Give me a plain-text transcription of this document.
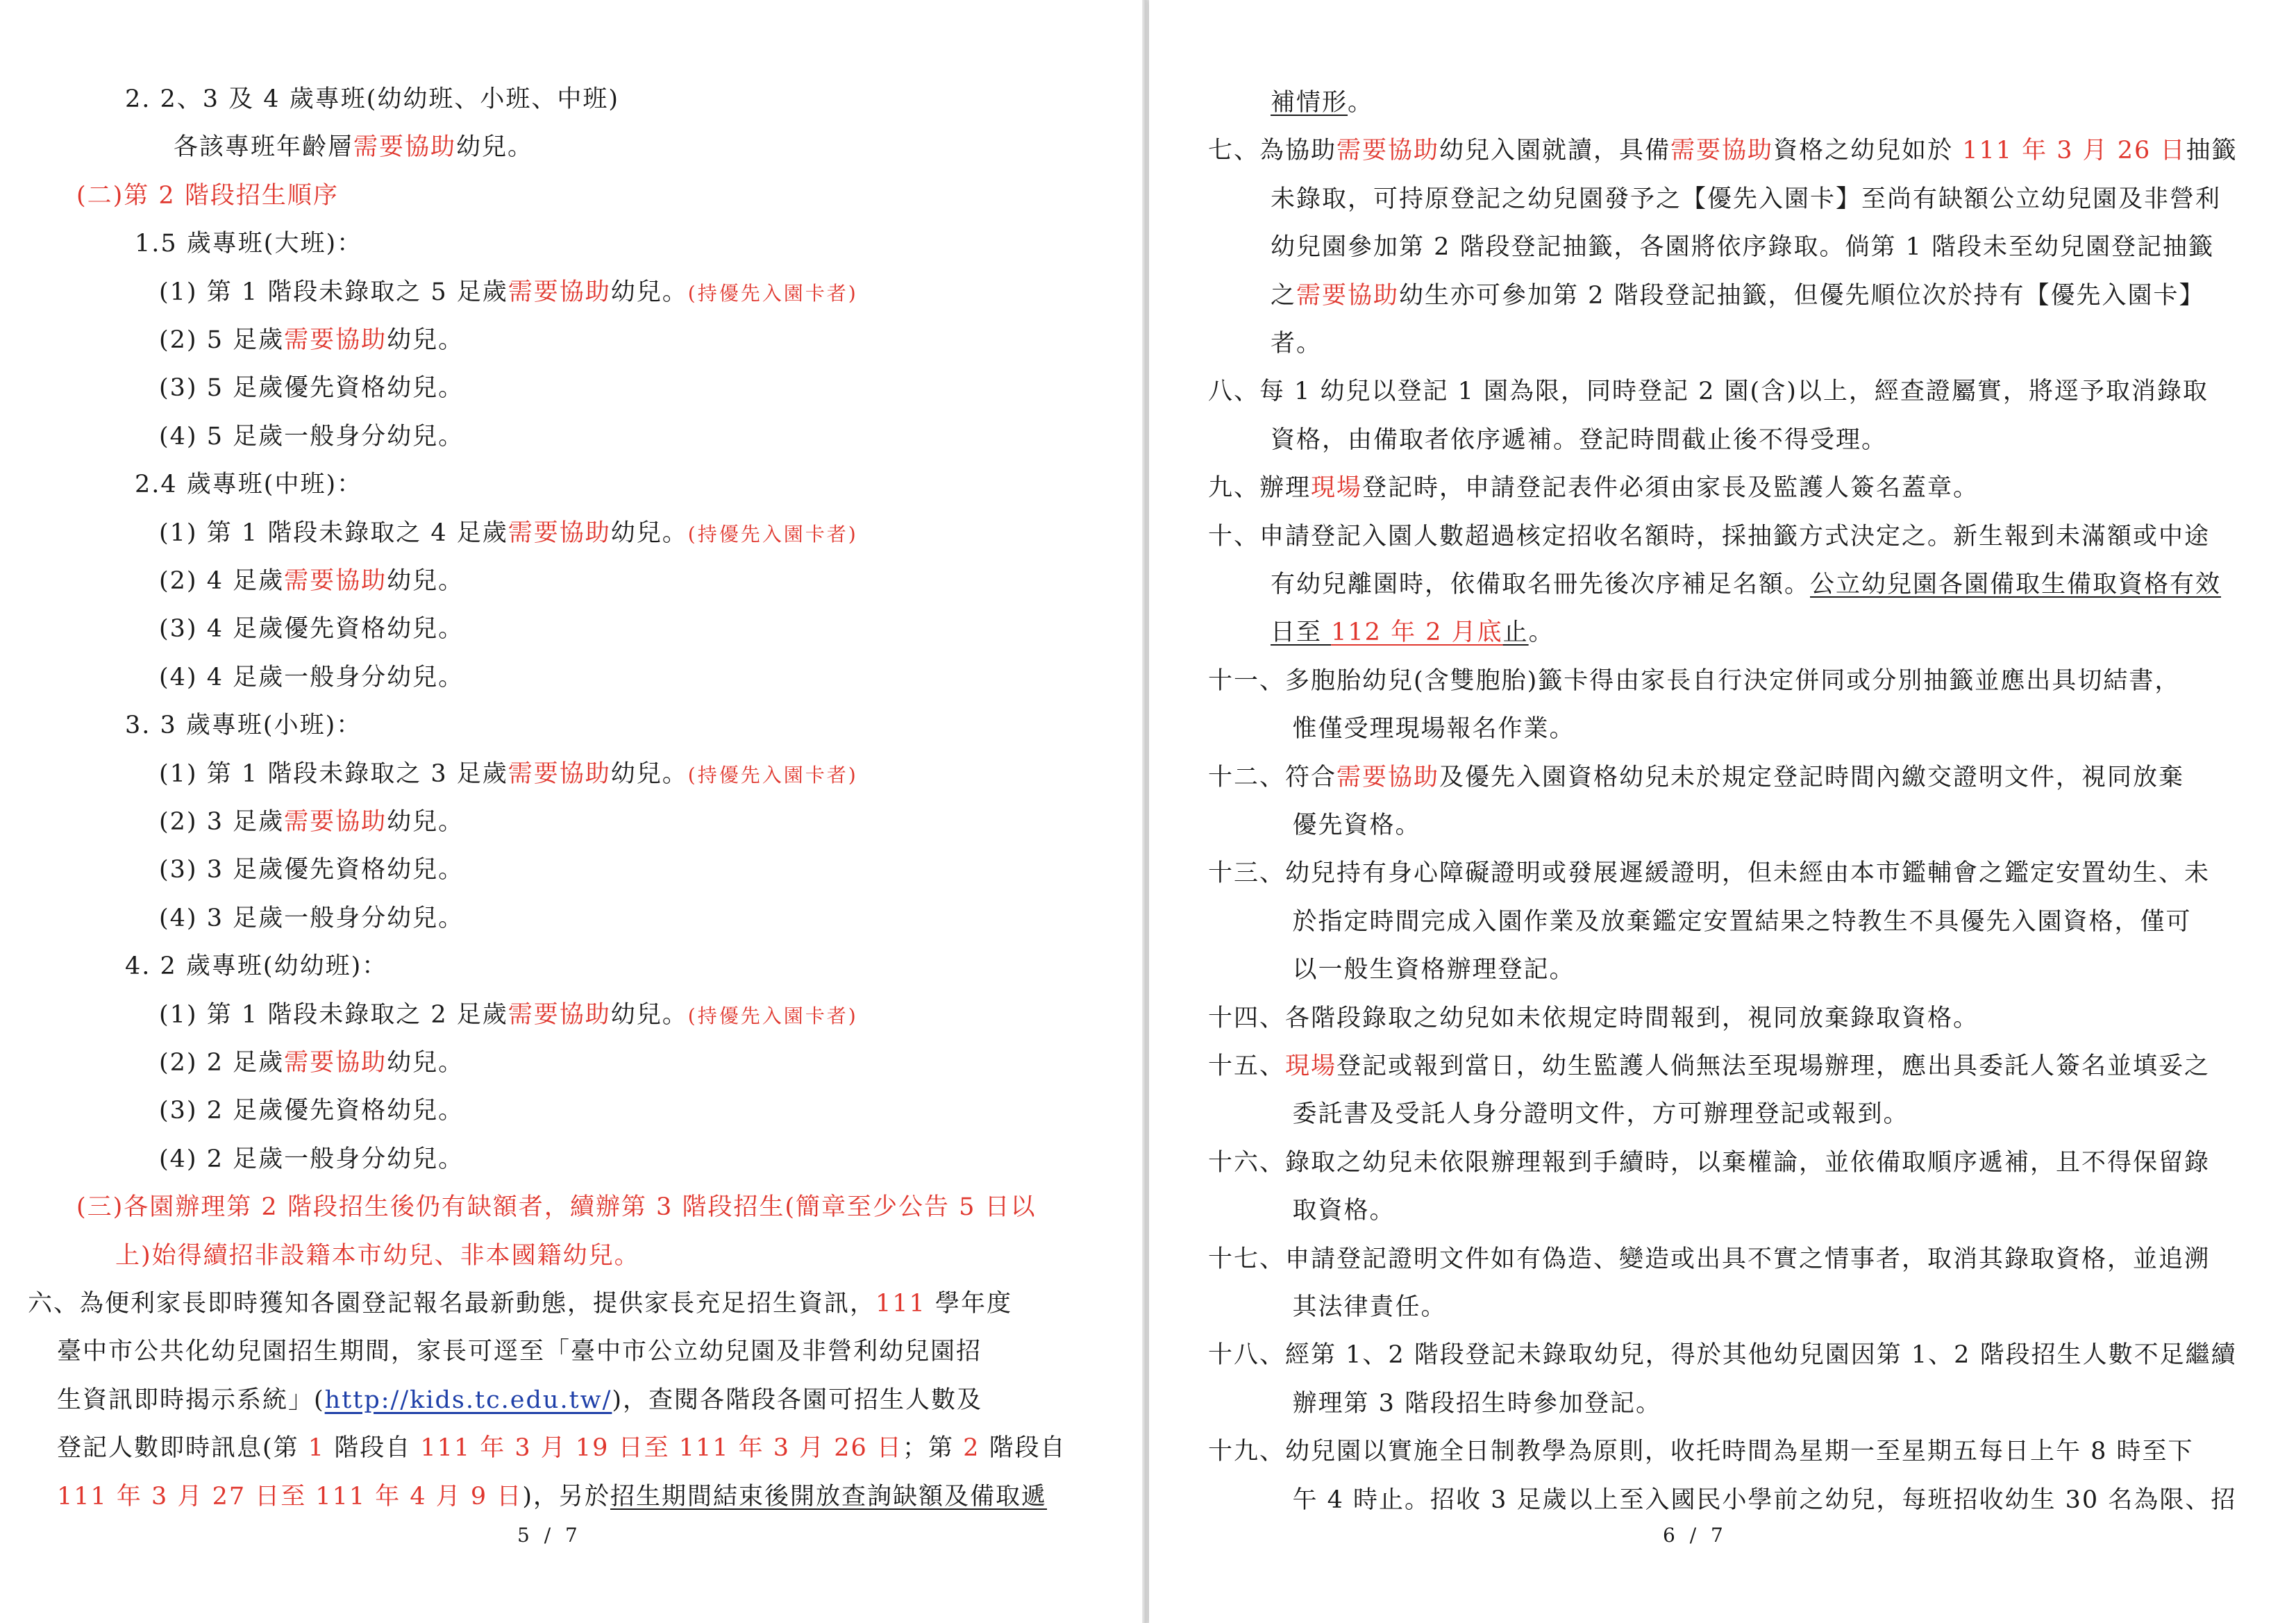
2. 2、3 及 4 歲專班(幼幼班、小班、中班)
各該專班年齡層需要協助幼兒。
(二)第 2 階段招生順序
1.5 歲專班(大班)：
(1) 第 1 階段未錄取之 5 足歲需要協助幼兒。(持優先入園卡者)
(2) 5 足歲需要協助幼兒。
(3) 5 足歲優先資格幼兒。
(4) 5 足歲一般身分幼兒。
2.4 歲專班(中班)：
(1) 第 1 階段未錄取之 4 足歲需要協助幼兒。(持優先入園卡者)
(2) 4 足歲需要協助幼兒。
(3) 4 足歲優先資格幼兒。
(4) 4 足歲一般身分幼兒。
3. 3 歲專班(小班)：
(1) 第 1 階段未錄取之 3 足歲需要協助幼兒。(持優先入園卡者)
(2) 3 足歲需要協助幼兒。
(3) 3 足歲優先資格幼兒。
(4) 3 足歲一般身分幼兒。
4. 2 歲專班(幼幼班)：
(1) 第 1 階段未錄取之 2 足歲需要協助幼兒。(持優先入園卡者)
(2) 2 足歲需要協助幼兒。
(3) 2 足歲優先資格幼兒。
(4) 2 足歲一般身分幼兒。
(三)各園辦理第 2 階段招生後仍有缺額者，續辦第 3 階段招生(簡章至少公告 5 日以
上)始得續招非設籍本市幼兒、非本國籍幼兒。
六、為便利家長即時獲知各園登記報名最新動態，提供家長充足招生資訊，111 學年度
臺中市公共化幼兒園招生期間，家長可逕至「臺中市公立幼兒園及非營利幼兒園招
生資訊即時揭示系統」(http://kids.tc.edu.tw/)，查閱各階段各園可招生人數及
登記人數即時訊息(第 1 階段自 111 年 3 月 19 日至 111 年 3 月 26 日；第 2 階段自
111 年 3 月 27 日至 111 年 4 月 9 日)，另於招生期間結束後開放查詢缺額及備取遞
5 / 7
補情形。
七、為協助需要協助幼兒入園就讀，具備需要協助資格之幼兒如於 111 年 3 月 26 日抽籤
未錄取，可持原登記之幼兒園發予之【優先入園卡】至尚有缺額公立幼兒園及非營利
幼兒園參加第 2 階段登記抽籤，各園將依序錄取。倘第 1 階段未至幼兒園登記抽籤
之需要協助幼生亦可參加第 2 階段登記抽籤，但優先順位次於持有【優先入園卡】
者。
八、每 1 幼兒以登記 1 園為限，同時登記 2 園(含)以上，經查證屬實，將逕予取消錄取
資格，由備取者依序遞補。登記時間截止後不得受理。
九、辦理現場登記時，申請登記表件必須由家長及監護人簽名蓋章。
十、申請登記入園人數超過核定招收名額時，採抽籤方式決定之。新生報到未滿額或中途
有幼兒離園時，依備取名冊先後次序補足名額。公立幼兒園各園備取生備取資格有效
日至 112 年 2 月底止。
十一、多胞胎幼兒(含雙胞胎)籤卡得由家長自行決定併同或分別抽籤並應出具切結書，
惟僅受理現場報名作業。
十二、符合需要協助及優先入園資格幼兒未於規定登記時間內繳交證明文件，視同放棄
優先資格。
十三、幼兒持有身心障礙證明或發展遲緩證明，但未經由本市鑑輔會之鑑定安置幼生、未
於指定時間完成入園作業及放棄鑑定安置結果之特教生不具優先入園資格，僅可
以一般生資格辦理登記。
十四、各階段錄取之幼兒如未依規定時間報到，視同放棄錄取資格。
十五、現場登記或報到當日，幼生監護人倘無法至現場辦理，應出具委託人簽名並填妥之
委託書及受託人身分證明文件，方可辦理登記或報到。
十六、錄取之幼兒未依限辦理報到手續時，以棄權論，並依備取順序遞補，且不得保留錄
取資格。
十七、申請登記證明文件如有偽造、變造或出具不實之情事者，取消其錄取資格，並追溯
其法律責任。
十八、經第 1、2 階段登記未錄取幼兒，得於其他幼兒園因第 1、2 階段招生人數不足繼續
辦理第 3 階段招生時參加登記。
十九、幼兒園以實施全日制教學為原則，收托時間為星期一至星期五每日上午 8 時至下
午 4 時止。招收 3 足歲以上至入國民小學前之幼兒，每班招收幼生 30 名為限、招
6 / 7
